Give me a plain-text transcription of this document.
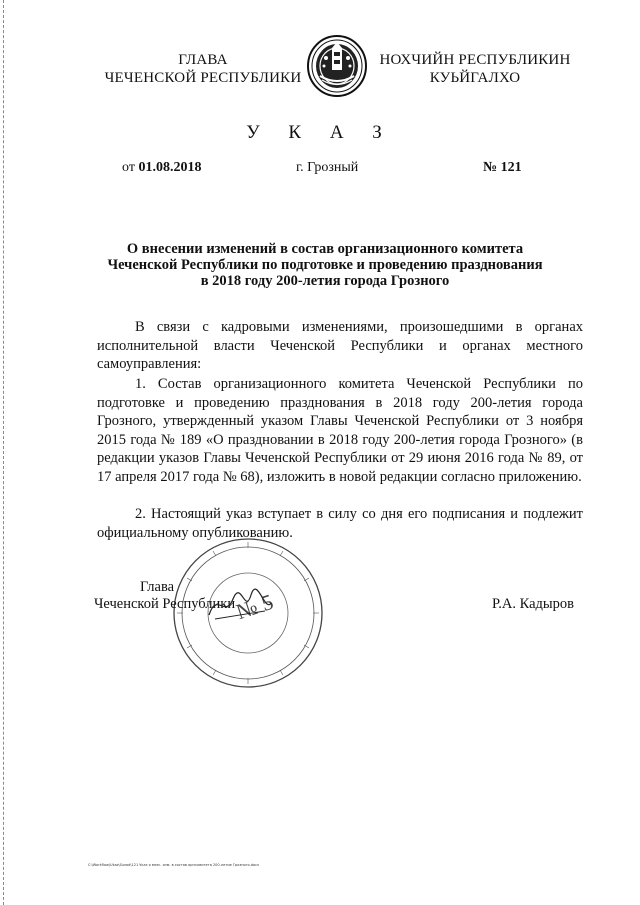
ГЛАВА
ЧЕЧЕНСКОЙ РЕСПУБЛИКИ
НОХЧИЙН РЕСПУБЛИКИН
КУЬЙГАЛХО
У К А З
от 01.08.2018	г. Грозный	№ 121
О внесении изменений в состав организационного комитета
Чеченской Республики по подготовке и проведению празднования
в 2018 году 200-летия города Грозного

В связи с кадровыми изменениями, произошедшими в органах исполнительной власти Чеченской Республики и органах местного самоуправления:

1. Состав организационного комитета Чеченской Республики по подготовке и проведению празднования в 2018 году 200-летия города Грозного, утвержденный указом Главы Чеченской Республики от 3 ноября 2015 года № 189 «О праздновании в 2018 году 200-летия города Грозного» (в редакции указов Главы Чеченской Республики от 29 июня 2016 года № 89, от 17 апреля 2017 года № 68), изложить в новой редакции согласно приложению.

2. Настоящий указ вступает в силу со дня его подписания и подлежит официальному опубликованию.

№ 5
Глава
Чеченской Республики	Р.А. Кадыров
С:\Workflow\Ukaz\Gorod\121 Указ о внес. изм. в состав оргкомитета 200-летие Грозного.docx
